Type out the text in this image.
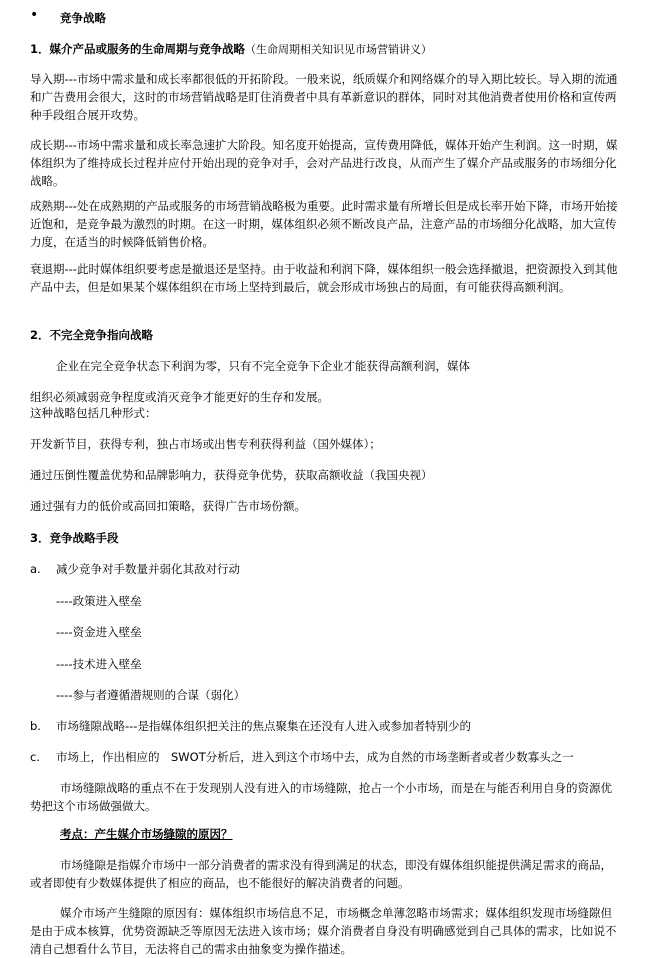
• 竞争战略
1．媒介产品或服务的生命周期与竞争战略（生命周期相关知识见市场营销讲义）

导入期---市场中需求量和成长率都很低的开拓阶段。一般来说，纸质媒介和网络媒介的导入期比较长。导入期的流通和广告费用会很大，这时的市场营销战略是盯住消费者中具有革新意识的群体，同时对其他消费者使用价格和宣传两种手段组合展开攻势。

成长期---市场中需求量和成长率急速扩大阶段。知名度开始提高，宣传费用降低，媒体开始产生利润。这一时期，媒体组织为了维持成长过程并应付开始出现的竞争对手，会对产品进行改良，从而产生了媒介产品或服务的市场细分化战略。

成熟期---处在成熟期的产品或服务的市场营销战略极为重要。此时需求量有所增长但是成长率开始下降，市场开始接近饱和，是竞争最为激烈的时期。在这一时期，媒体组织必须不断改良产品，注意产品的市场细分化战略，加大宣传力度，在适当的时候降低销售价格。

衰退期---此时媒体组织要考虑是撤退还是坚持。由于收益和利润下降，媒体组织一般会选择撤退，把资源投入到其他产品中去，但是如果某个媒体组织在市场上坚持到最后，就会形成市场独占的局面，有可能获得高额利润。

2．不完全竞争指向战略

企业在完全竞争状态下利润为零，只有不完全竞争下企业才能获得高额利润，媒体

组织必须减弱竞争程度或消灭竞争才能更好的生存和发展。

这种战略包括几种形式：

开发新节目，获得专利，独占市场或出售专利获得利益（国外媒体）；

通过压倒性覆盖优势和品牌影响力，获得竞争优势，获取高额收益（我国央视）

通过强有力的低价或高回扣策略，获得广告市场份额。

3．竞争战略手段
a.	减少竞争对手数量并弱化其敌对行动

----政策进入壁垒

----资金进入壁垒

----技术进入壁垒

----参与者遵循潜规则的合谋（弱化）

b.	市场缝隙战略---是指媒体组织把关注的焦点聚集在还没有人进入或参加者特别少的

c.	市场上，作出相应的　SWOT分析后，进入到这个市场中去，成为自然的市场垄断者或者少数寡头之一

市场缝隙战略的重点不在于发现别人没有进入的市场缝隙，抢占一个小市场，而是在与能否利用自身的资源优势把这个市场做强做大。

考点：产生媒介市场缝隙的原因？

市场缝隙是指媒介市场中一部分消费者的需求没有得到满足的状态，即没有媒体组织能提供满足需求的商品，或者即使有少数媒体提供了相应的商品，也不能很好的解决消费者的问题。

媒介市场产生缝隙的原因有：媒体组织市场信息不足，市场概念单薄忽略市场需求；媒体组织发现市场缝隙但是由于成本核算，优势资源缺乏等原因无法进入该市场；媒介消费者自身没有明确感觉到自己具体的需求，比如说不清自己想看什么节目，无法将自己的需求由抽象变为操作描述。
